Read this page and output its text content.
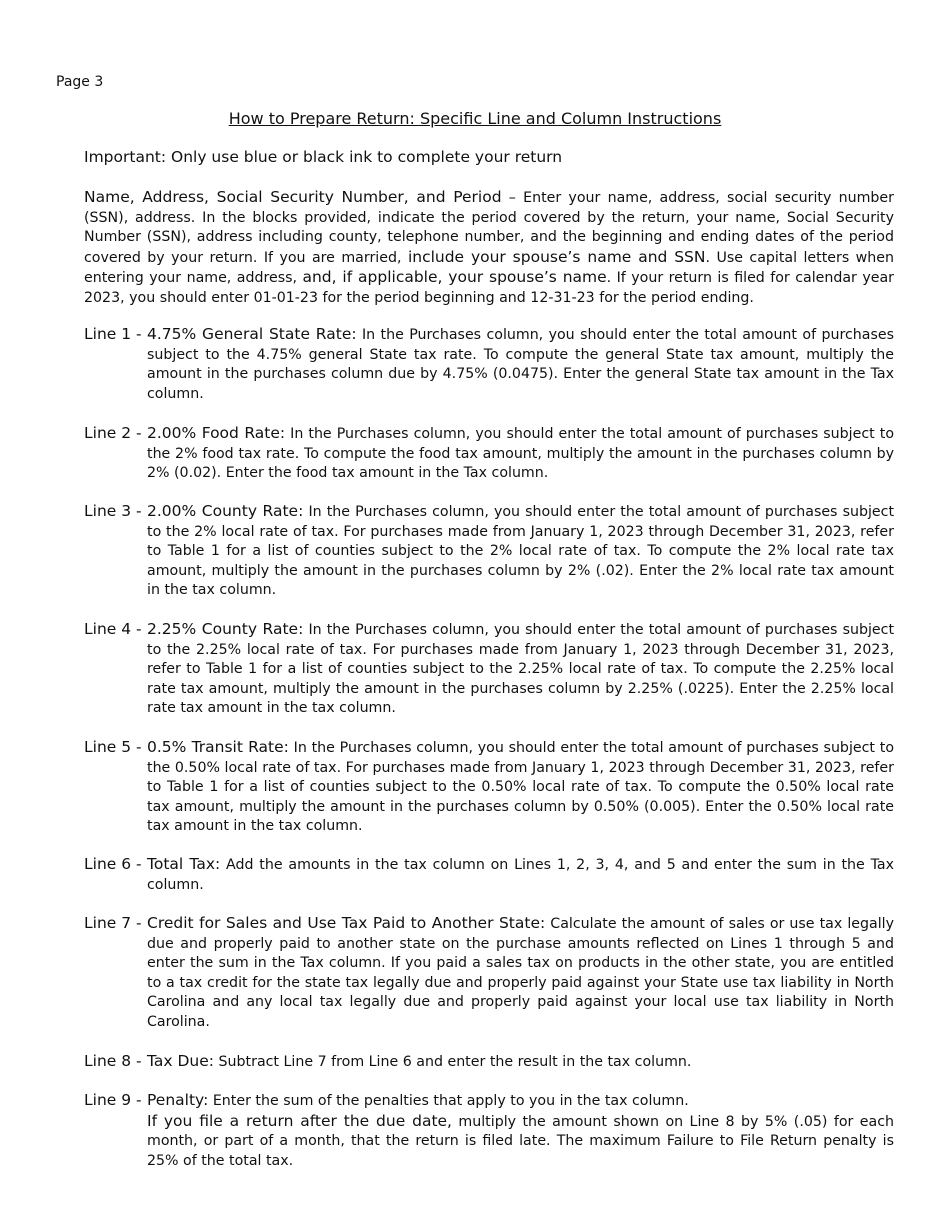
Page 3
How to Prepare Return: Specific Line and Column Instructions
Important: Only use blue or black ink to complete your return
Name, Address, Social Security Number, and Period – Enter your name, address, social security number (SSN), address. In the blocks provided, indicate the period covered by the return, your name, Social Security Number (SSN), address including county, telephone number, and the beginning and ending dates of the period covered by your return. If you are married, include your spouse’s name and SSN. Use capital letters when entering your name, address, and, if applicable, your spouse’s name. If your return is filed for calendar year 2023, you should enter 01-01-23 for the period beginning and 12-31-23 for the period ending.
Line 1 - 4.75% General State Rate: In the Purchases column, you should enter the total amount of purchases subject to the 4.75% general State tax rate. To compute the general State tax amount, multiply the amount in the purchases column due by 4.75% (0.0475). Enter the general State tax amount in the Tax column.
Line 2 - 2.00% Food Rate: In the Purchases column, you should enter the total amount of purchases subject to the 2% food tax rate. To compute the food tax amount, multiply the amount in the purchases column by 2% (0.02). Enter the food tax amount in the Tax column.
Line 3 - 2.00% County Rate: In the Purchases column, you should enter the total amount of purchases subject to the 2% local rate of tax. For purchases made from January 1, 2023 through December 31, 2023, refer to Table 1 for a list of counties subject to the 2% local rate of tax. To compute the 2% local rate tax amount, multiply the amount in the purchases column by 2% (.02). Enter the 2% local rate tax amount in the tax column.
Line 4 - 2.25% County Rate: In the Purchases column, you should enter the total amount of purchases subject to the 2.25% local rate of tax. For purchases made from January 1, 2023 through December 31, 2023, refer to Table 1 for a list of counties subject to the 2.25% local rate of tax. To compute the 2.25% local rate tax amount, multiply the amount in the purchases column by 2.25% (.0225). Enter the 2.25% local rate tax amount in the tax column.
Line 5 - 0.5% Transit Rate: In the Purchases column, you should enter the total amount of purchases subject to the 0.50% local rate of tax. For purchases made from January 1, 2023 through December 31, 2023, refer to Table 1 for a list of counties subject to the 0.50% local rate of tax. To compute the 0.50% local rate tax amount, multiply the amount in the purchases column by 0.50% (0.005). Enter the 0.50% local rate tax amount in the tax column.
Line 6 - Total Tax: Add the amounts in the tax column on Lines 1, 2, 3, 4, and 5 and enter the sum in the Tax column.
Line 7 - Credit for Sales and Use Tax Paid to Another State: Calculate the amount of sales or use tax legally due and properly paid to another state on the purchase amounts reflected on Lines 1 through 5 and enter the sum in the Tax column. If you paid a sales tax on products in the other state, you are entitled to a tax credit for the state tax legally due and properly paid against your State use tax liability in North Carolina and any local tax legally due and properly paid against your local use tax liability in North Carolina.
Line 8 - Tax Due: Subtract Line 7 from Line 6 and enter the result in the tax column.
Line 9 - Penalty: Enter the sum of the penalties that apply to you in the tax column.
If you file a return after the due date, multiply the amount shown on Line 8 by 5% (.05) for each month, or part of a month, that the return is filed late. The maximum Failure to File Return penalty is 25% of the total tax.
